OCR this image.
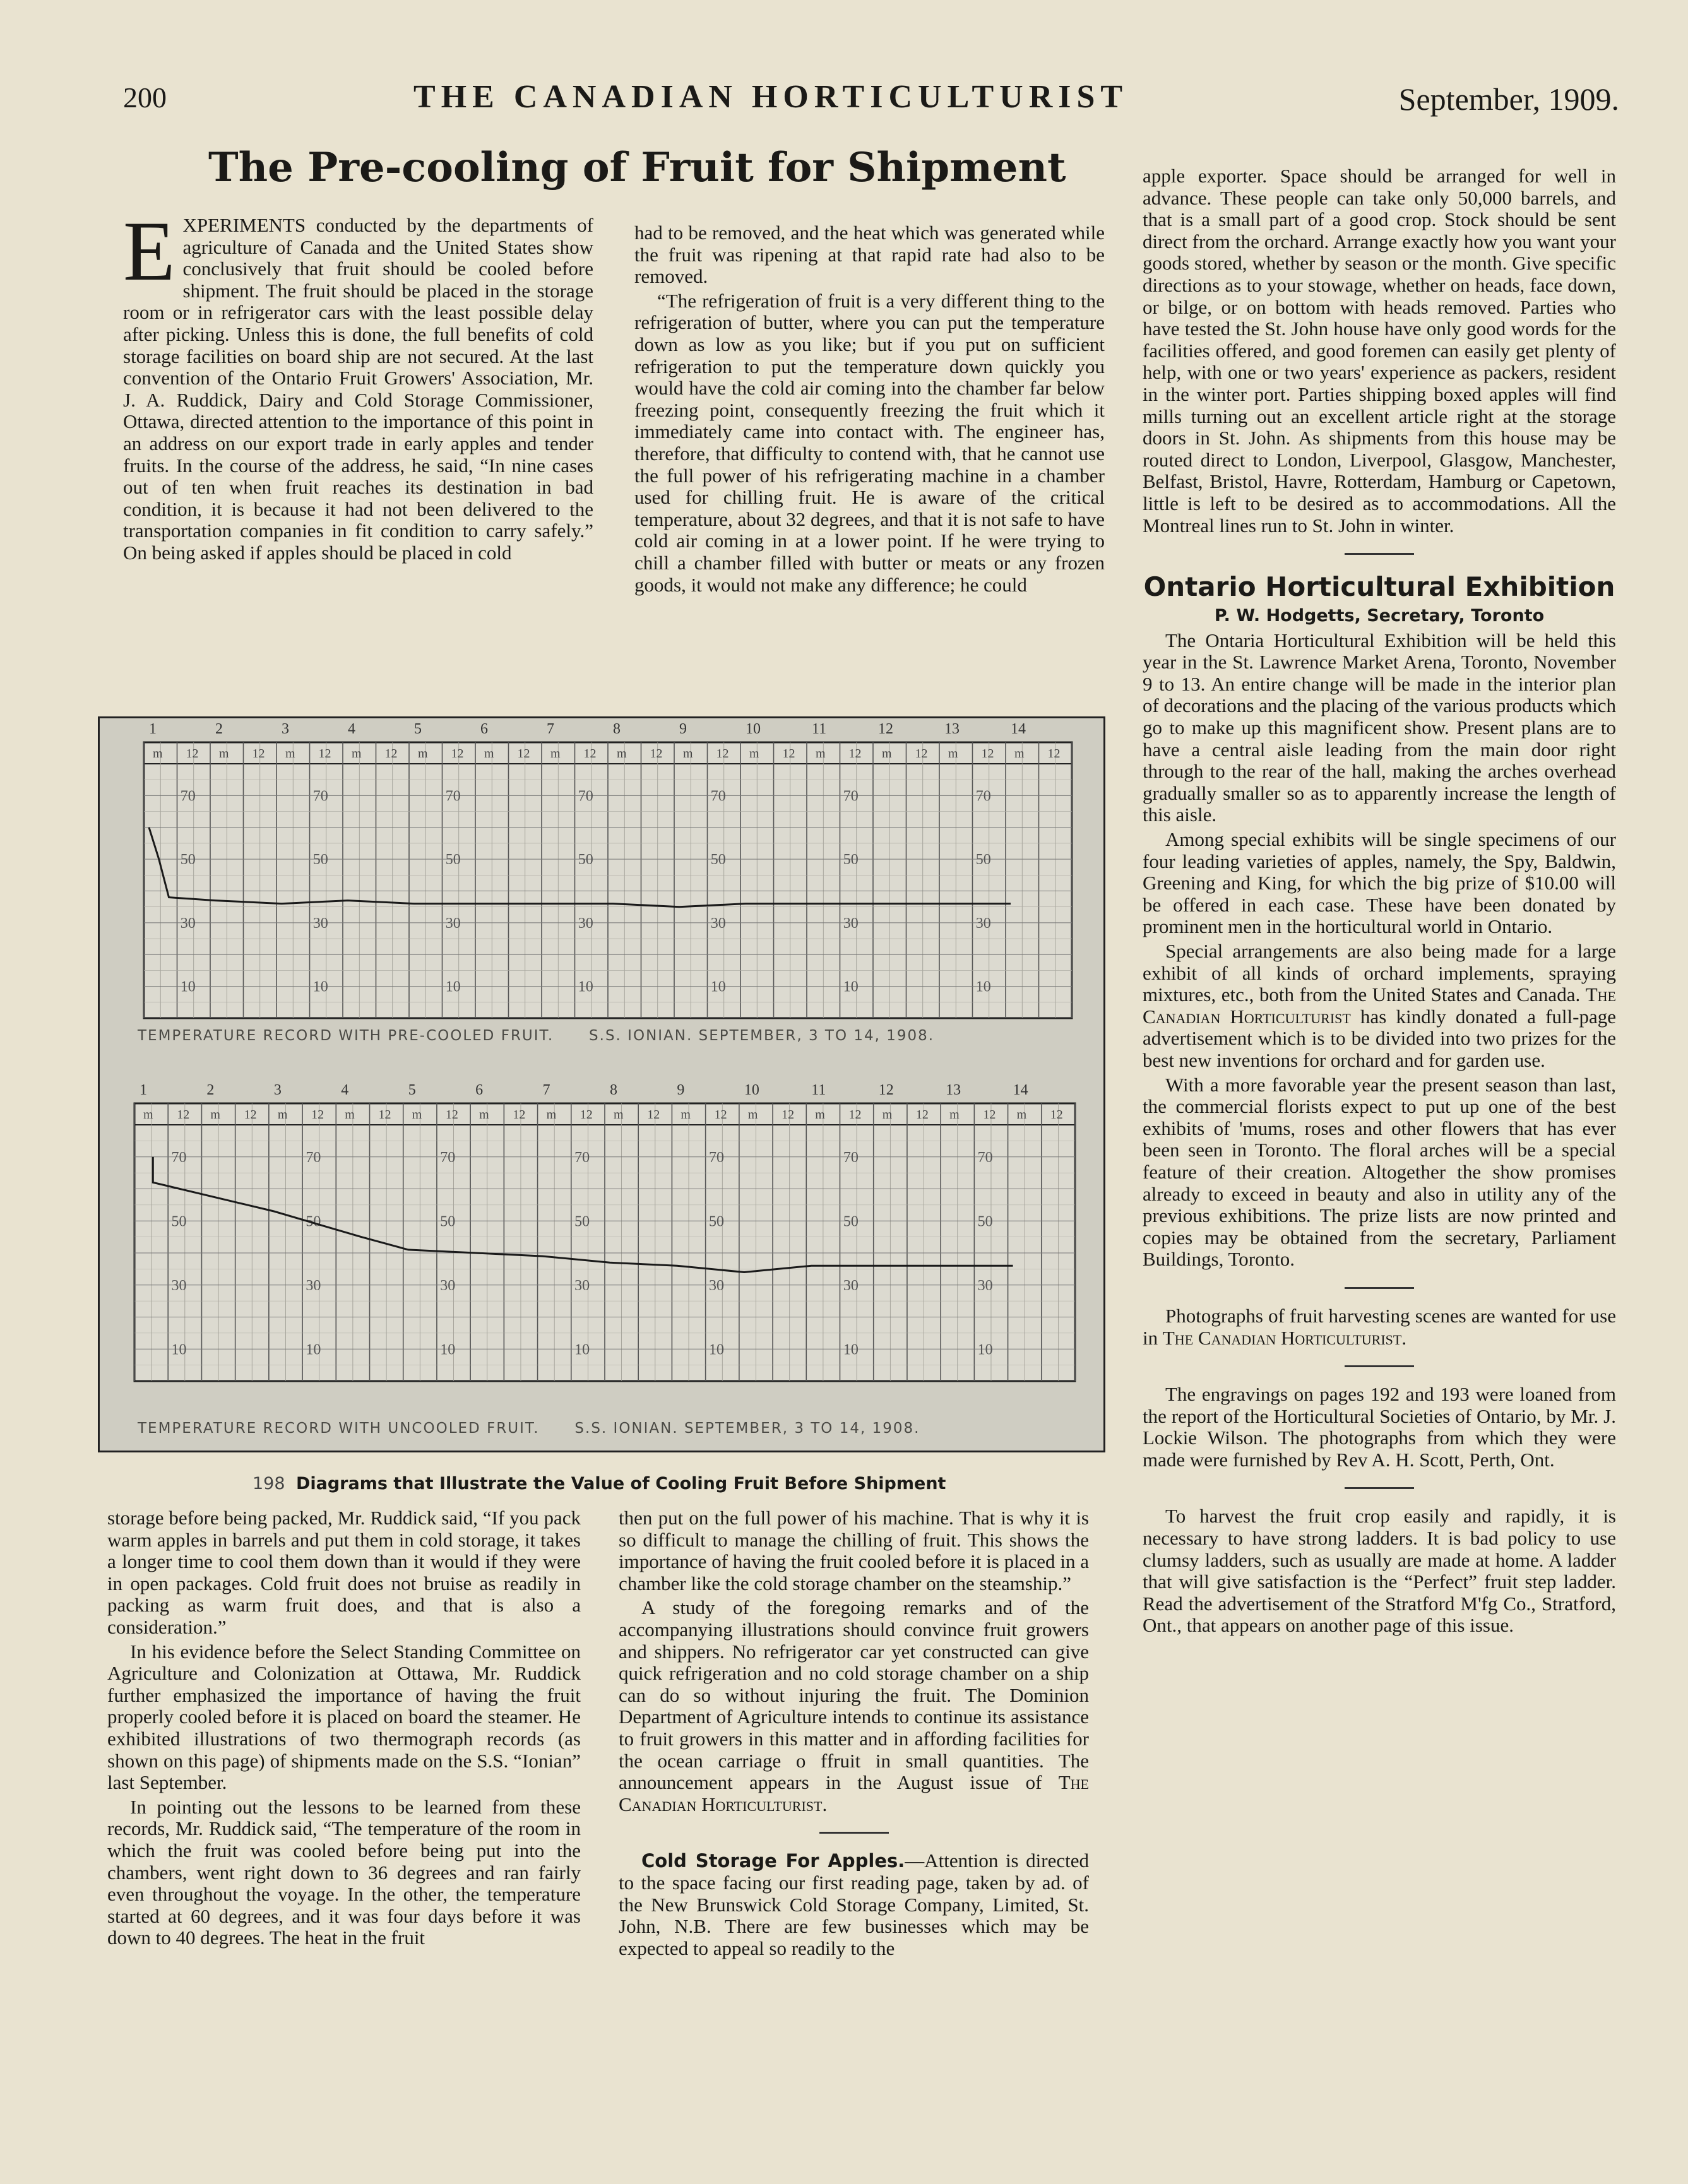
200	THE CANADIAN HORTICULTURIST	September, 1909.
The Pre-cooling of Fruit for Shipment

EXPERIMENTS conducted by the departments of agriculture of Canada and the United States show conclusively that fruit should be cooled before shipment. The fruit should be placed in the storage room or in refrigerator cars with the least possible delay after picking. Unless this is done, the full benefits of cold storage facilities on board ship are not secured. At the last convention of the Ontario Fruit Growers' Association, Mr. J. A. Ruddick, Dairy and Cold Storage Commissioner, Ottawa, directed attention to the importance of this point in an address on our export trade in early apples and tender fruits. In the course of the address, he said, “In nine cases out of ten when fruit reaches its destination in bad condition, it is because it had not been delivered to the transportation companies in fit condition to carry safely.” On being asked if apples should be placed in cold

had to be removed, and the heat which was generated while the fruit was ripening at that rapid rate had also to be removed.

“The refrigeration of fruit is a very different thing to the refrigeration of butter, where you can put the temperature down as low as you like; but if you put on sufficient refrigeration to put the temperature down quickly you would have the cold air coming into the chamber far below freezing point, consequently freezing the fruit which it immediately came into contact with. The engineer has, therefore, that difficulty to contend with, that he cannot use the full power of his refrigerating machine in a chamber used for chilling fruit. He is aware of the critical temperature, about 32 degrees, and that it is not safe to have cold air coming in at a lower point. If he were trying to chill a chamber filled with butter or meats or any frozen goods, it would not make any difference; he could

apple exporter. Space should be arranged for well in advance. These people can take only 50,000 barrels, and that is a small part of a good crop. Stock should be sent direct from the orchard. Arrange exactly how you want your goods stored, whether by season or the month. Give specific directions as to your stowage, whether on heads, face down, or bilge, or on bottom with heads removed. Parties who have tested the St. John house have only good words for the facilities offered, and good foremen can easily get plenty of help, with one or two years' experience as packers, resident in the winter port. Parties shipping boxed apples will find mills turning out an excellent article right at the storage doors in St. John. As shipments from this house may be routed direct to London, Liverpool, Glasgow, Manchester, Belfast, Bristol, Havre, Rotterdam, Hamburg or Capetown, little is left to be desired as to accommodations. All the Montreal lines run to St. John in winter.

Ontario Horticultural Exhibition

P. W. Hodgetts, Secretary, Toronto

The Ontaria Horticultural Exhibition will be held this year in the St. Lawrence Market Arena, Toronto, November 9 to 13. An entire change will be made in the interior plan of decorations and the placing of the various products which go to make up this magnificent show. Present plans are to have a central aisle leading from the main door right through to the rear of the hall, making the arches overhead gradually smaller so as to apparently increase the length of this aisle.

Among special exhibits will be single specimens of our four leading varieties of apples, namely, the Spy, Baldwin, Greening and King, for which the big prize of $10.00 will be offered in each case. These have been donated by prominent men in the horticultural world in Ontario.

Special arrangements are also being made for a large exhibit of all kinds of orchard implements, spraying mixtures, etc., both from the United States and Canada. The Canadian Horticulturist has kindly donated a full-page advertisement which is to be divided into two prizes for the best new inventions for orchard and for garden use.

With a more favorable year the present season than last, the commercial florists expect to put up one of the best exhibits of 'mums, roses and other flowers that has ever been seen in Toronto. The floral arches will be a special feature of their creation. Altogether the show promises already to exceed in beauty and also in utility any of the previous exhibitions. The prize lists are now printed and copies may be obtained from the secretary, Parliament Buildings, Toronto.

Photographs of fruit harvesting scenes are wanted for use in The Canadian Horticulturist.

The engravings on pages 192 and 193 were loaned from the report of the Horticultural Societies of Ontario, by Mr. J. Lockie Wilson. The photographs from which they were made were furnished by Rev A. H. Scott, Perth, Ont.

To harvest the fruit crop easily and rapidly, it is necessary to have strong ladders. It is bad policy to use clumsy ladders, such as usually are made at home. A ladder that will give satisfaction is the “Perfect” fruit step ladder. Read the advertisement of the Stratford M'fg Co., Stratford, Ont., that appears on another page of this issue.

1	2	3	4	5	6	7	8	9	10	11	12	13	14
m 12 m 12 m 12 m 12 m 12 m 12 m 12 m 12 m 12 m 12 m 12 m 12 m 12 m 12
10
30
50
70
10
30
50
70
10
30
50
70
10
30
50
70
10
30
50
70
10
30
50
70
10
30
50
70
TEMPERATURE RECORD WITH PRE-COOLED FRUIT. S.S. IONIAN. SEPTEMBER, 3 TO 14, 1908.
1	2	3	4	5	6	7	8	9	10	11	12	13	14
m 12 m 12 m 12 m 12 m 12 m 12 m 12 m 12 m 12 m 12 m 12 m 12 m 12 m 12
10
30
50
70
10
30
50
70
10
30
50
70
10
30
50
70
10
30
50
70
10
30
50
70
10
30
50
70
TEMPERATURE RECORD WITH UNCOOLED FRUIT. S.S. IONIAN. SEPTEMBER, 3 TO 14, 1908.
198 Diagrams that Illustrate the Value of Cooling Fruit Before Shipment

storage before being packed, Mr. Ruddick said, “If you pack warm apples in barrels and put them in cold storage, it takes a longer time to cool them down than it would if they were in open packages. Cold fruit does not bruise as readily in packing as warm fruit does, and that is also a consideration.”

In his evidence before the Select Standing Committee on Agriculture and Colonization at Ottawa, Mr. Ruddick further emphasized the importance of having the fruit properly cooled before it is placed on board the steamer. He exhibited illustrations of two thermograph records (as shown on this page) of shipments made on the S.S. “Ionian” last September.

In pointing out the lessons to be learned from these records, Mr. Ruddick said, “The temperature of the room in which the fruit was cooled before being put into the chambers, went right down to 36 degrees and ran fairly even throughout the voyage. In the other, the temperature started at 60 degrees, and it was four days before it was down to 40 degrees. The heat in the fruit

then put on the full power of his machine. That is why it is so difficult to manage the chilling of fruit. This shows the importance of having the fruit cooled before it is placed in a chamber like the cold storage chamber on the steamship.”

A study of the foregoing remarks and of the accompanying illustrations should convince fruit growers and shippers. No refrigerator car yet constructed can give quick refrigeration and no cold storage chamber on a ship can do so without injuring the fruit. The Dominion Department of Agriculture intends to continue its assistance to fruit growers in this matter and in affording facilities for the ocean carriage o ffruit in small quantities. The announcement appears in the August issue of The Canadian Horticulturist.

Cold Storage For Apples.—Attention is directed to the space facing our first reading page, taken by ad. of the New Brunswick Cold Storage Company, Limited, St. John, N.B. There are few businesses which may be expected to appeal so readily to the
